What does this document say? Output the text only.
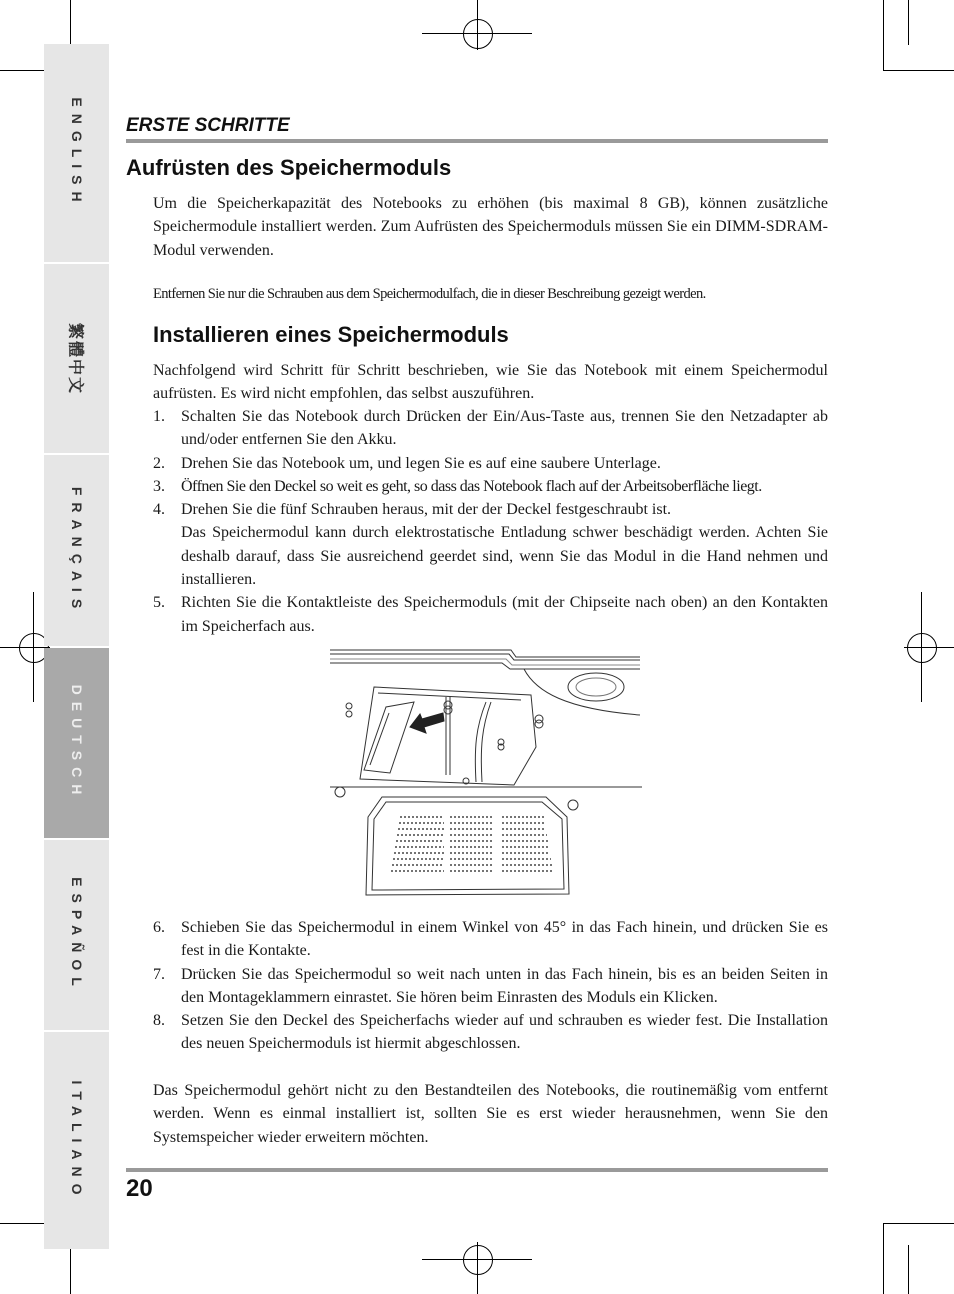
ENGLISH
繁體中文
FRANÇAIS
DEUTSCH
ESPAÑOL
ITALIANO
ERSTE SCHRITTE
Aufrüsten des Speichermoduls

Um die Speicherkapazität des Notebooks zu erhöhen (bis maximal 8 GB), können zusätzliche Speichermodule installiert werden. Zum Aufrüsten des Speichermoduls müssen Sie ein DIMM-SDRAM-Modul verwenden.

Entfernen Sie nur die Schrauben aus dem Speichermodulfach, die in dieser Beschreibung gezeigt werden.

Installieren eines Speichermoduls

Nachfolgend wird Schritt für Schritt beschrieben, wie Sie das Notebook mit einem Speichermodul aufrüsten. Es wird nicht empfohlen, das selbst auszuführen.

1. Schalten Sie das Notebook durch Drücken der Ein/Aus-Taste aus, trennen Sie den Netzadapter ab und/oder entfernen Sie den Akku.
2. Drehen Sie das Notebook um, und legen Sie es auf eine saubere Unterlage.
3. Öffnen Sie den Deckel so weit es geht, so dass das Notebook flach auf der Arbeitsoberfläche liegt.
4. Drehen Sie die fünf Schrauben heraus, mit der der Deckel festgeschraubt ist.
Das Speichermodul kann durch elektrostatische Entladung schwer beschädigt werden. Achten Sie deshalb darauf, dass Sie ausreichend geerdet sind, wenn Sie das Modul in die Hand nehmen und installieren.
5. Richten Sie die Kontaktleiste des Speichermoduls (mit der Chipseite nach oben) an den Kontakten im Speicherfach aus.
6. Schieben Sie das Speichermodul in einem Winkel von 45° in das Fach hinein, und drücken Sie es fest in die Kontakte.
7. Drücken Sie das Speichermodul so weit nach unten in das Fach hinein, bis es an beiden Seiten in den Montageklammern einrastet. Sie hören beim Einrasten des Moduls ein Klicken.
8. Setzen Sie den Deckel des Speicherfachs wieder auf und schrauben es wieder fest. Die Installation des neuen Speichermoduls ist hiermit abgeschlossen.

Das Speichermodul gehört nicht zu den Bestandteilen des Notebooks, die routinemäßig vom entfernt werden. Wenn es einmal installiert ist, sollten Sie es erst wieder herausnehmen, wenn Sie den Systemspeicher wieder erweitern möchten.

20
